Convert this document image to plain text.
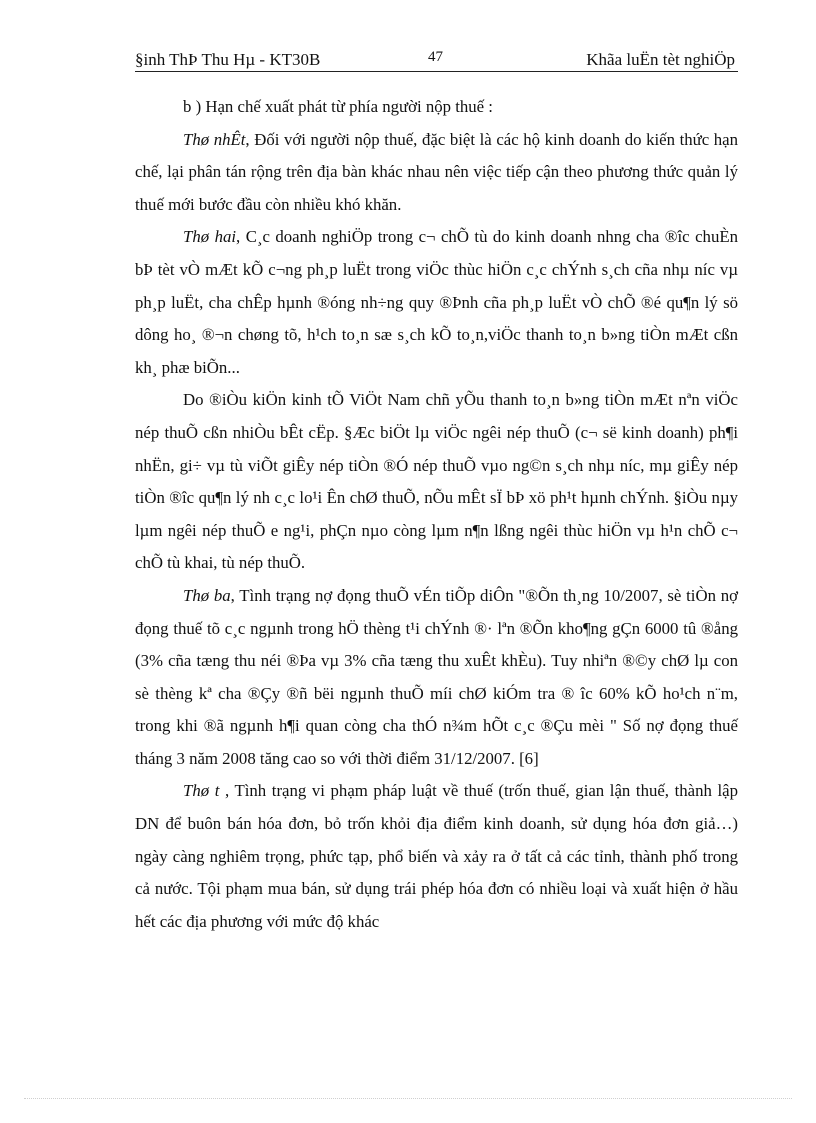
§inh ThÞ Thu Hµ - KT30B	47	Khãa luËn tèt nghiÖp

b ) Hạn chế xuất phát từ phía người nộp thuế :

Thø nhÊt, Đối với người nộp thuế, đặc biệt là các hộ kinh doanh do kiến thức hạn chế, lại phân tán rộng trên địa bàn khác nhau nên việc tiếp cận theo phương thức quản lý thuế mới bước đầu còn nhiều khó khăn.

Thø hai, C¸c doanh nghiÖp trong c¬ chÕ tù do kinh doanh nhng cha ®îc chuÈn bÞ tèt vÒ mÆt kÕ c¬ng ph¸p luËt trong viÖc thùc hiÖn c¸c chÝnh s¸ch cña nhµ níc vµ ph¸p luËt, cha chÊp hµnh ®óng nh÷ng quy ®Þnh cña ph¸p luËt vÒ chÕ ®é qu¶n lý sö dông ho¸ ®¬n chøng tõ, h¹ch to¸n sæ s¸ch kÕ to¸n,viÖc thanh to¸n b»ng tiÒn mÆt cßn kh¸ phæ biÕn...

Do ®iÒu kiÖn kinh tÕ ViÖt Nam chñ yÕu thanh to¸n b»ng tiÒn mÆt nªn viÖc nép thuÕ cßn nhiÒu bÊt cËp. §Æc biÖt lµ viÖc ngêi nép thuÕ (c¬ së kinh doanh) ph¶i nhËn, gi÷ vµ tù viÕt giÊy nép tiÒn ®Ó nép thuÕ vµo ng©n s¸ch nhµ níc, mµ giÊy nép tiÒn ®îc qu¶n lý nh c¸c lo¹i Ên chØ thuÕ, nÕu mÊt sÏ bÞ xö ph¹t hµnh chÝnh. §iÒu nµy lµm ngêi nép thuÕ e ng¹i, phÇn nµo còng lµm n¶n lßng ngêi thùc hiÖn vµ h¹n chÕ c¬ chÕ tù khai, tù nép thuÕ.

Thø ba, Tình trạng nợ đọng thuÕ vÉn tiÕp diÔn "®Õn th¸ng 10/2007, sè tiÒn nợ đọng thuế tõ c¸c ngµnh trong hÖ thèng t¹i chÝnh ®· lªn ®Õn kho¶ng gÇn 6000 tû ®ång (3% cña tæng thu néi ®Þa vµ 3% cña tæng thu xuÊt khÈu). Tuy nhiªn ®©y chØ lµ con sè thèng kª cha ®Çy ®ñ bëi ngµnh thuÕ míi chØ kiÓm tra ® îc 60% kÕ ho¹ch n¨m, trong khi ®ã ngµnh h¶i quan còng cha thÓ n¾m hÕt c¸c ®Çu mèi " Số nợ đọng thuế tháng 3 năm 2008 tăng cao so với thời điểm 31/12/2007. [6]

Thø t , Tình trạng vi phạm pháp luật về thuế (trốn thuế, gian lận thuế, thành lập DN để buôn bán hóa đơn, bỏ trốn khỏi địa điểm kinh doanh, sử dụng hóa đơn giả…) ngày càng nghiêm trọng, phức tạp, phổ biến và xảy ra ở tất cả các tỉnh, thành phố trong cả nước. Tội phạm mua bán, sử dụng trái phép hóa đơn có nhiều loại và xuất hiện ở hầu hết các địa phương với mức độ khác
